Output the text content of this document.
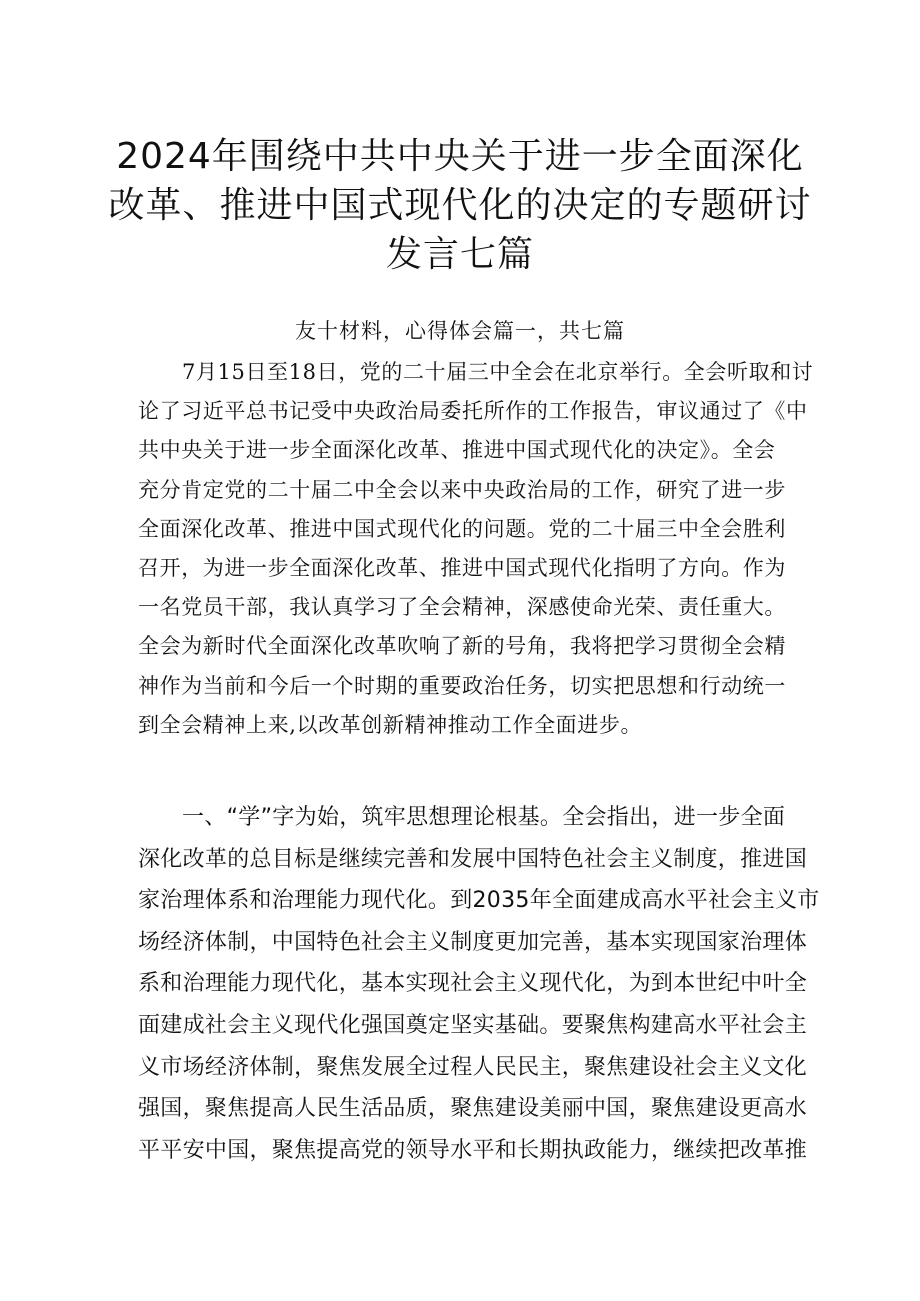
2024年围绕中共中央关于进一步全面深化
改革、推进中国式现代化的决定的专题研讨
发言七篇
友十材料，心得体会篇一，共七篇

7月15日至18日，党的二十届三中全会在北京举行。全会听取和讨
论了习近平总书记受中央政治局委托所作的工作报告，审议通过了《中
共中央关于进一步全面深化改革、推进中国式现代化的决定》。全会
充分肯定党的二十届二中全会以来中央政治局的工作，研究了进一步
全面深化改革、推进中国式现代化的问题。党的二十届三中全会胜利
召开，为进一步全面深化改革、推进中国式现代化指明了方向。作为
一名党员干部，我认真学习了全会精神，深感使命光荣、责任重大。
全会为新时代全面深化改革吹响了新的号角，我将把学习贯彻全会精
神作为当前和今后一个时期的重要政治任务，切实把思想和行动统一
到全会精神上来,以改革创新精神推动工作全面进步。

一、“学”字为始，筑牢思想理论根基。全会指出，进一步全面
深化改革的总目标是继续完善和发展中国特色社会主义制度，推进国
家治理体系和治理能力现代化。到2035年全面建成高水平社会主义市
场经济体制，中国特色社会主义制度更加完善，基本实现国家治理体
系和治理能力现代化，基本实现社会主义现代化，为到本世纪中叶全
面建成社会主义现代化强国奠定坚实基础。要聚焦构建高水平社会主
义市场经济体制，聚焦发展全过程人民民主，聚焦建设社会主义文化
强国，聚焦提高人民生活品质，聚焦建设美丽中国，聚焦建设更高水
平平安中国，聚焦提高党的领导水平和长期执政能力，继续把改革推
